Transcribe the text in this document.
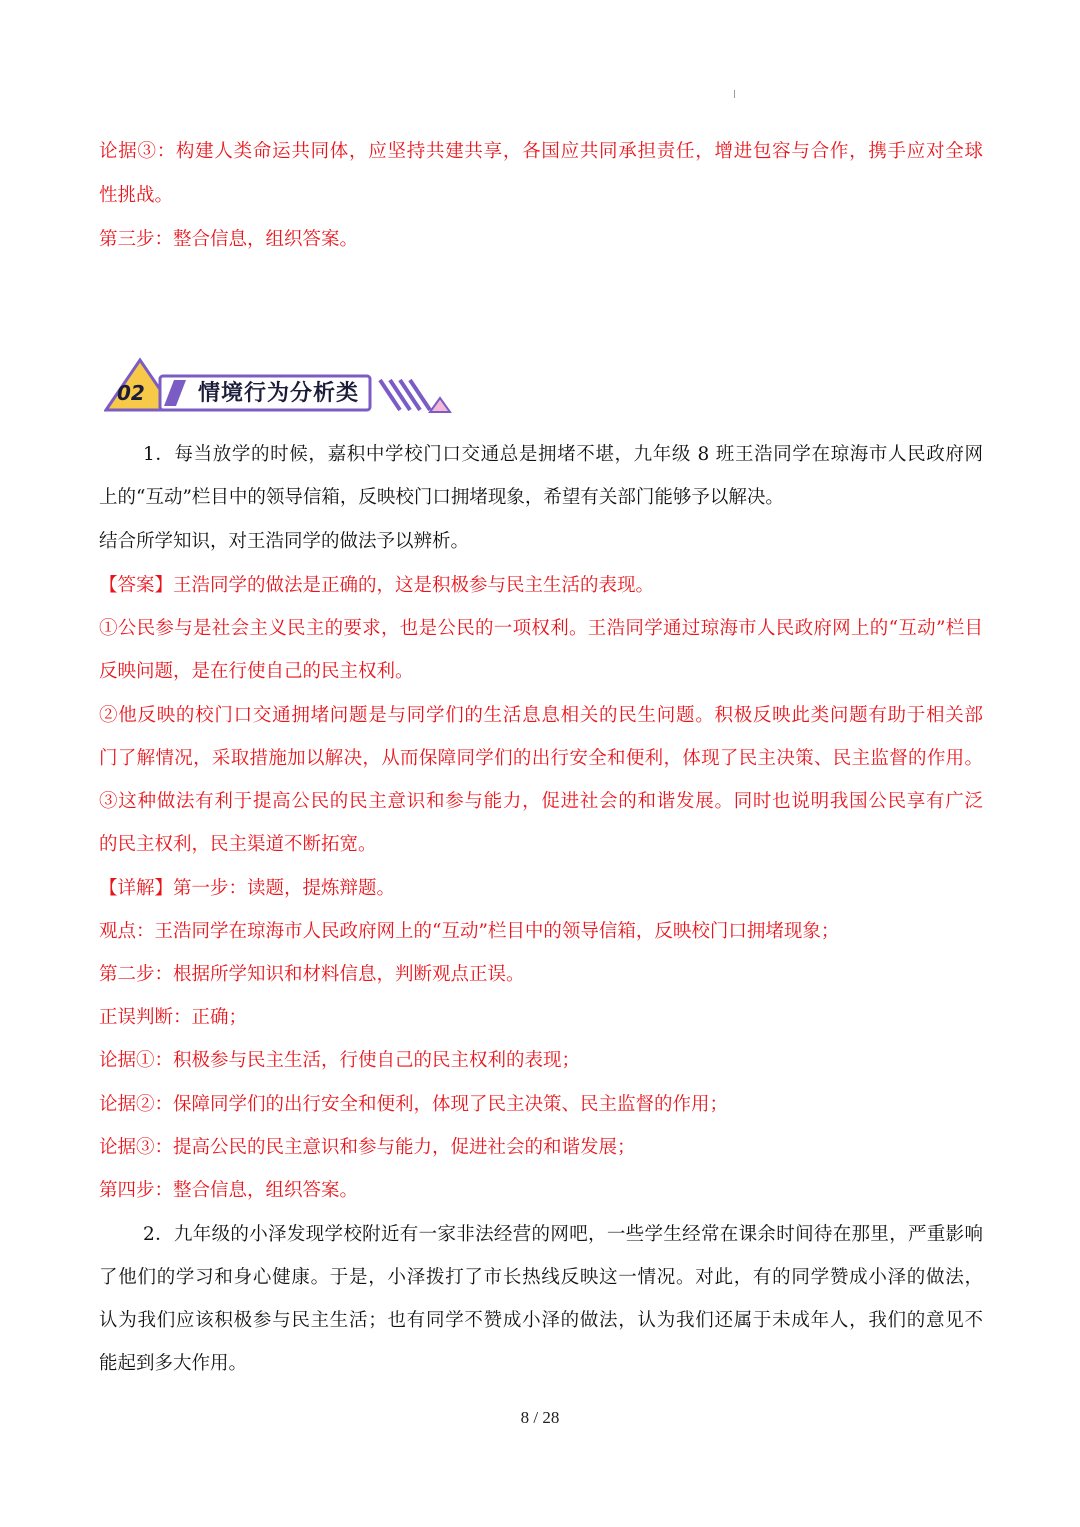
论据③：构建人类命运共同体，应坚持共建共享，各国应共同承担责任，增进包容与合作，携手应对全球
性挑战。
第三步：整合信息，组织答案。
02 情境行为分析类
1．每当放学的时候，嘉积中学校门口交通总是拥堵不堪，九年级 8 班王浩同学在琼海市人民政府网
上的“互动”栏目中的领导信箱，反映校门口拥堵现象，希望有关部门能够予以解决。
结合所学知识，对王浩同学的做法予以辨析。
【答案】王浩同学的做法是正确的，这是积极参与民主生活的表现。
①公民参与是社会主义民主的要求，也是公民的一项权利。王浩同学通过琼海市人民政府网上的“互动”栏目
反映问题，是在行使自己的民主权利。
②他反映的校门口交通拥堵问题是与同学们的生活息息相关的民生问题。积极反映此类问题有助于相关部
门了解情况，采取措施加以解决，从而保障同学们的出行安全和便利，体现了民主决策、民主监督的作用。
③这种做法有利于提高公民的民主意识和参与能力，促进社会的和谐发展。同时也说明我国公民享有广泛
的民主权利，民主渠道不断拓宽。
【详解】第一步：读题，提炼辩题。
观点：王浩同学在琼海市人民政府网上的“互动”栏目中的领导信箱，反映校门口拥堵现象；
第二步：根据所学知识和材料信息，判断观点正误。
正误判断：正确；
论据①：积极参与民主生活，行使自己的民主权利的表现；
论据②：保障同学们的出行安全和便利，体现了民主决策、民主监督的作用；
论据③：提高公民的民主意识和参与能力，促进社会的和谐发展；
第四步：整合信息，组织答案。
2．九年级的小泽发现学校附近有一家非法经营的网吧，一些学生经常在课余时间待在那里，严重影响
了他们的学习和身心健康。于是，小泽拨打了市长热线反映这一情况。对此，有的同学赞成小泽的做法，
认为我们应该积极参与民主生活；也有同学不赞成小泽的做法，认为我们还属于未成年人，我们的意见不
能起到多大作用。
8 / 28
